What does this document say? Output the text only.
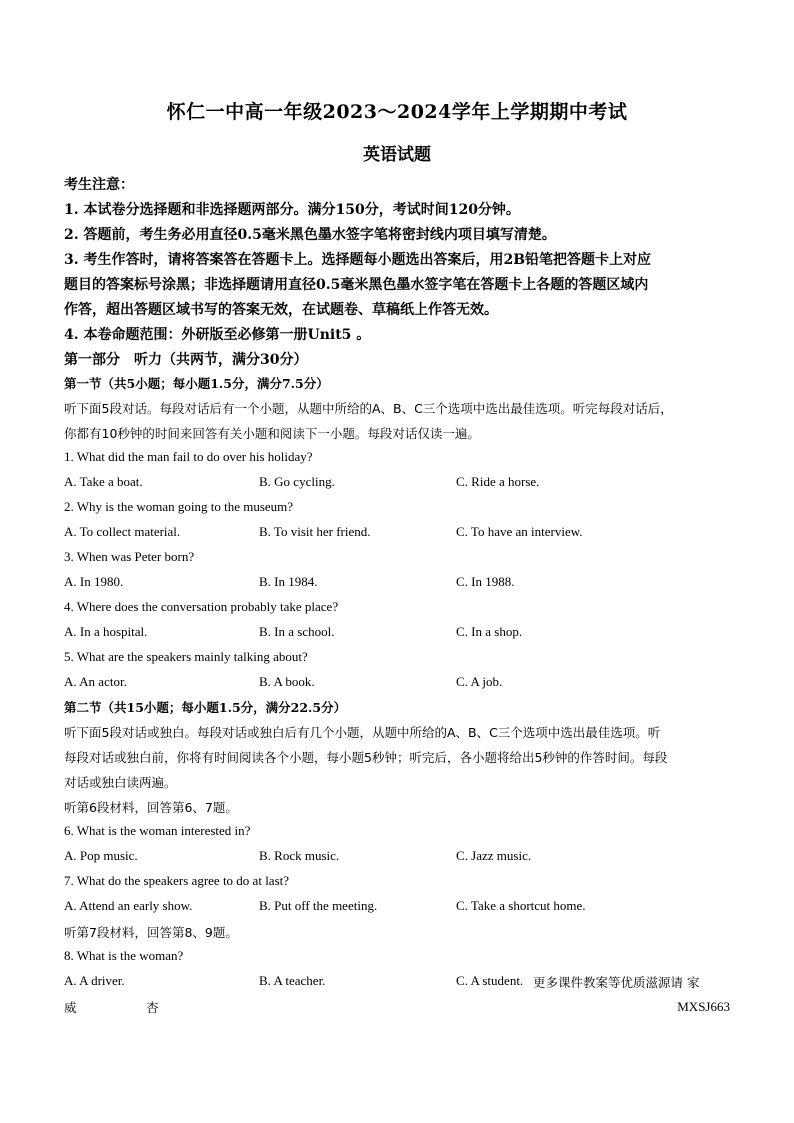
怀仁一中高一年级2023～2024学年上学期期中考试
英语试题
考生注意：
1. 本试卷分选择题和非选择题两部分。满分150分，考试时间120分钟。
2. 答题前，考生务必用直径0.5毫米黑色墨水签字笔将密封线内项目填写清楚。
3. 考生作答时，请将答案答在答题卡上。选择题每小题选出答案后，用2B铅笔把答题卡上对应
题目的答案标号涂黑；非选择题请用直径0.5毫米黑色墨水签字笔在答题卡上各题的答题区域内
作答，超出答题区域书写的答案无效，在试题卷、草稿纸上作答无效。
4. 本卷命题范围：外研版至必修第一册Unit5 。
第一部分　听力（共两节，满分30分）
第一节（共5小题；每小题1.5分，满分7.5分）
听下面5段对话。每段对话后有一个小题，从题中所给的A、B、C三个选项中选出最佳选项。听完每段对话后，
你都有10秒钟的时间来回答有关小题和阅读下一小题。每段对话仅读一遍。
1. What did the man fail to do over his holiday?
A. Take a boat.	B. Go cycling.	C. Ride a horse.
2. Why is the woman going to the museum?
A. To collect material.	B. To visit her friend.	C. To have an interview.
3. When was Peter born?
A. In 1980.	B. In 1984.	C. In 1988.
4. Where does the conversation probably take place?
A. In a hospital.	B. In a school.	C. In a shop.
5. What are the speakers mainly talking about?
A. An actor.	B. A book.	C. A job.
第二节（共15小题；每小题1.5分，满分22.5分）
听下面5段对话或独白。每段对话或独白后有几个小题，从题中所给的A、B、C三个选项中选出最佳选项。听
每段对话或独白前，你将有时间阅读各个小题，每小题5秒钟；听完后，各小题将给出5秒钟的作答时间。每段
对话或独白读两遍。
听第6段材料，回答第6、7题。
6. What is the woman interested in?
A. Pop music.	B. Rock music.	C. Jazz music.
7. What do the speakers agree to do at last?
A. Attend an early show.	B. Put off the meeting.	C. Take a shortcut home.
听第7段材料，回答第8、9题。
8. What is the woman?
A. A driver.	B. A teacher.	C. A student. 更多课件教案等优质滋源请 家
威	杏	MXSJ663
